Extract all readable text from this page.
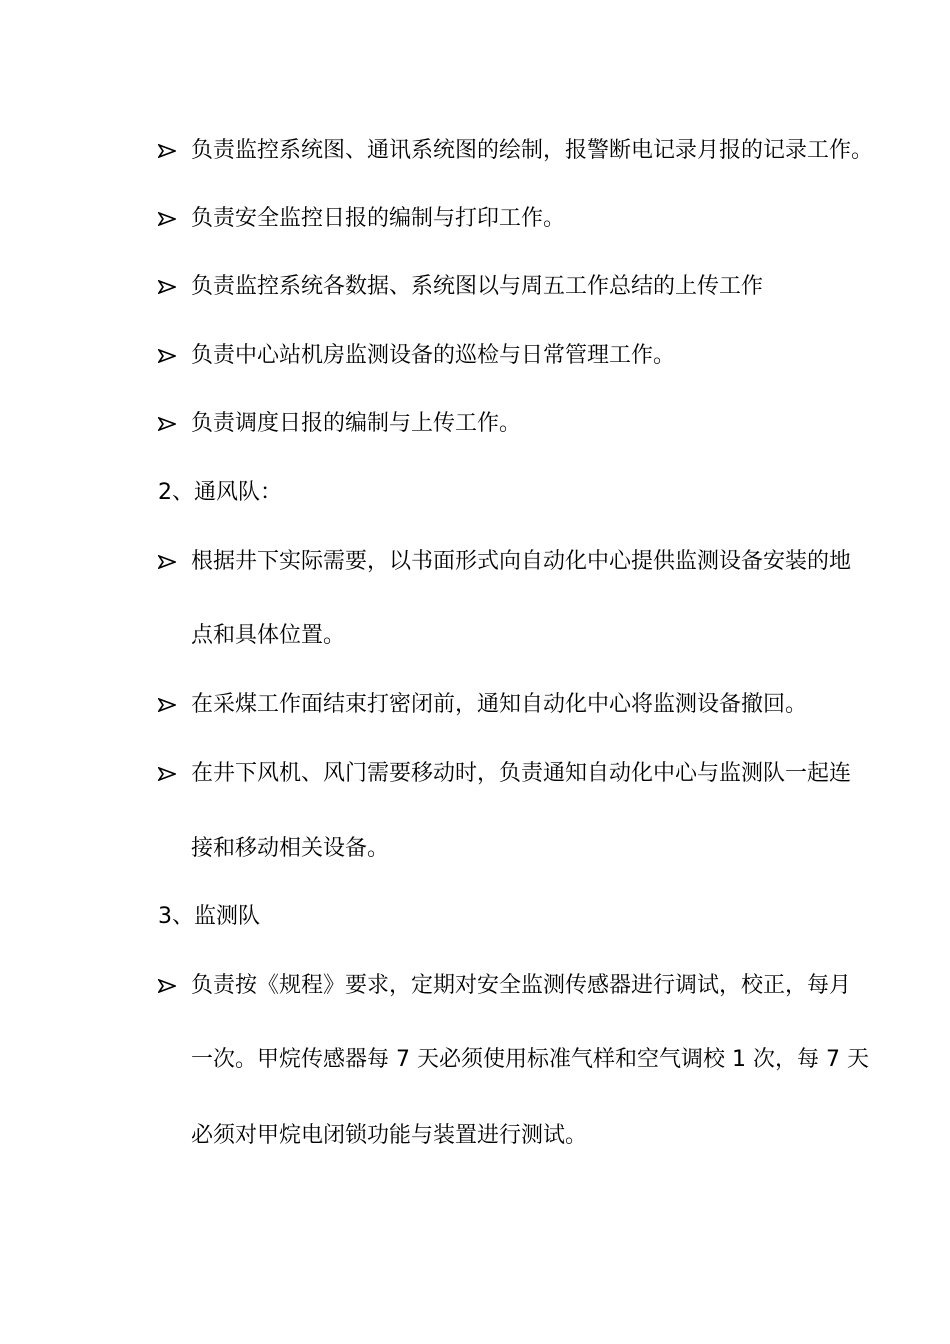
负责监控系统图、通讯系统图的绘制，报警断电记录月报的记录工作。
负责安全监控日报的编制与打印工作。
负责监控系统各数据、系统图以与周五工作总结的上传工作
负责中心站机房监测设备的巡检与日常管理工作。
负责调度日报的编制与上传工作。
2、通风队：
根据井下实际需要，以书面形式向自动化中心提供监测设备安装的地
点和具体位置。
在采煤工作面结束打密闭前，通知自动化中心将监测设备撤回。
在井下风机、风门需要移动时，负责通知自动化中心与监测队一起连
接和移动相关设备。
3、监测队
负责按《规程》要求，定期对安全监测传感器进行调试，校正，每月
一次。甲烷传感器每 7 天必须使用标准气样和空气调校 1 次，每 7 天
必须对甲烷电闭锁功能与装置进行测试。
